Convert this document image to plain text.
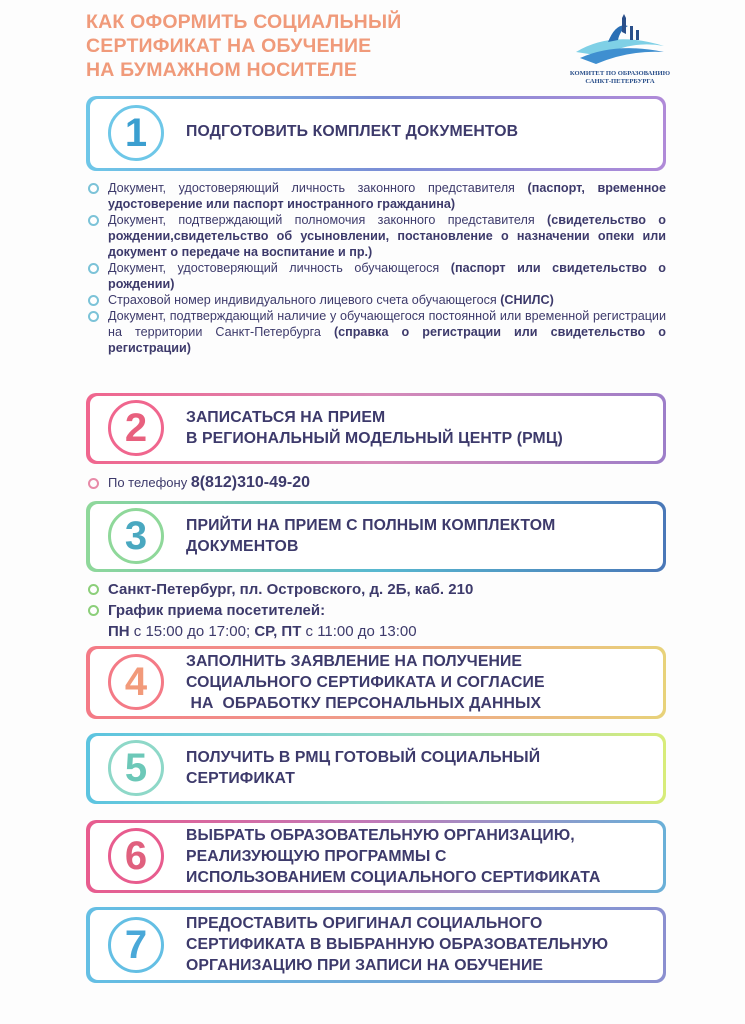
КАК ОФОРМИТЬ СОЦИАЛЬНЫЙ
СЕРТИФИКАТ НА ОБУЧЕНИЕ
НА БУМАЖНОМ НОСИТЕЛЕ	КОМИТЕТ ПО ОБРАЗОВАНИЮ
САНКТ-ПЕТЕРБУРГА
1	ПОДГОТОВИТЬ КОМПЛЕКТ ДОКУМЕНТОВ

Документ, удостоверяющий личность законного представителя (паспорт, временное удостоверение или паспорт иностранного гражданина)

Документ, подтверждающий полномочия законного представителя (свидетельство о рождении,свидетельство об усыновлении, постановление о назначении опеки или документ о передаче на воспитание и пр.)

Документ, удостоверяющий личность обучающегося (паспорт или свидетельство о рождении)

Страховой номер индивидуального лицевого счета обучающегося (СНИЛС)

Документ, подтверждающий наличие у обучающегося постоянной или временной регистрации на территории Санкт-Петербурга (справка о регистрации или свидетельство о регистрации)

2	ЗАПИСАТЬСЯ НА ПРИЕМ
В РЕГИОНАЛЬНЫЙ МОДЕЛЬНЫЙ ЦЕНТР (РМЦ)
По телефону 8(812)310-49-20
3	ПРИЙТИ НА ПРИЕМ С ПОЛНЫМ КОМПЛЕКТОМ
ДОКУМЕНТОВ
Санкт-Петербург, пл. Островского, д. 2Б, каб. 210
График приема посетителей:
ПН с 15:00 до 17:00; СР, ПТ с 11:00 до 13:00
4	ЗАПОЛНИТЬ ЗАЯВЛЕНИЕ НА ПОЛУЧЕНИЕ
СОЦИАЛЬНОГО СЕРТИФИКАТА И СОГЛАСИЕ
НА  ОБРАБОТКУ ПЕРСОНАЛЬНЫХ ДАННЫХ
5	ПОЛУЧИТЬ В РМЦ ГОТОВЫЙ СОЦИАЛЬНЫЙ
СЕРТИФИКАТ
6	ВЫБРАТЬ ОБРАЗОВАТЕЛЬНУЮ ОРГАНИЗАЦИЮ,
РЕАЛИЗУЮЩУЮ ПРОГРАММЫ С
ИСПОЛЬЗОВАНИЕМ СОЦИАЛЬНОГО СЕРТИФИКАТА
7	ПРЕДОСТАВИТЬ ОРИГИНАЛ СОЦИАЛЬНОГО
СЕРТИФИКАТА В ВЫБРАННУЮ ОБРАЗОВАТЕЛЬНУЮ
ОРГАНИЗАЦИЮ ПРИ ЗАПИСИ НА ОБУЧЕНИЕ
